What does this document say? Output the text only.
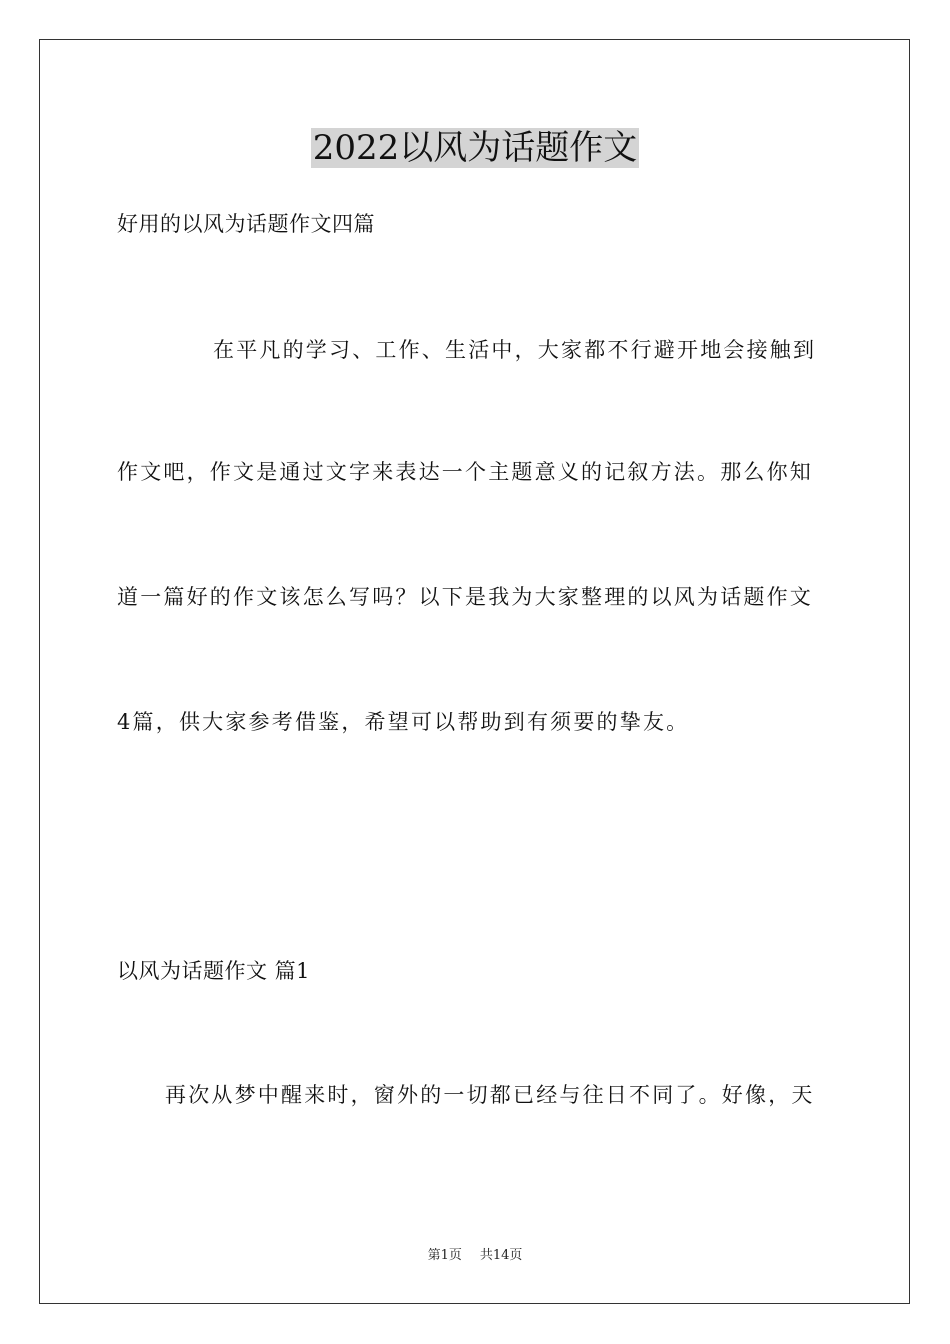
2022以风为话题作文
好用的以风为话题作文四篇
在平凡的学习、工作、生活中，大家都不行避开地会接触到
作文吧，作文是通过文字来表达一个主题意义的记叙方法。那么你知
道一篇好的作文该怎么写吗？以下是我为大家整理的以风为话题作文
4篇，供大家参考借鉴，希望可以帮助到有须要的挚友。
以风为话题作文 篇1
再次从梦中醒来时，窗外的一切都已经与往日不同了。好像，天
第1页 共14页
